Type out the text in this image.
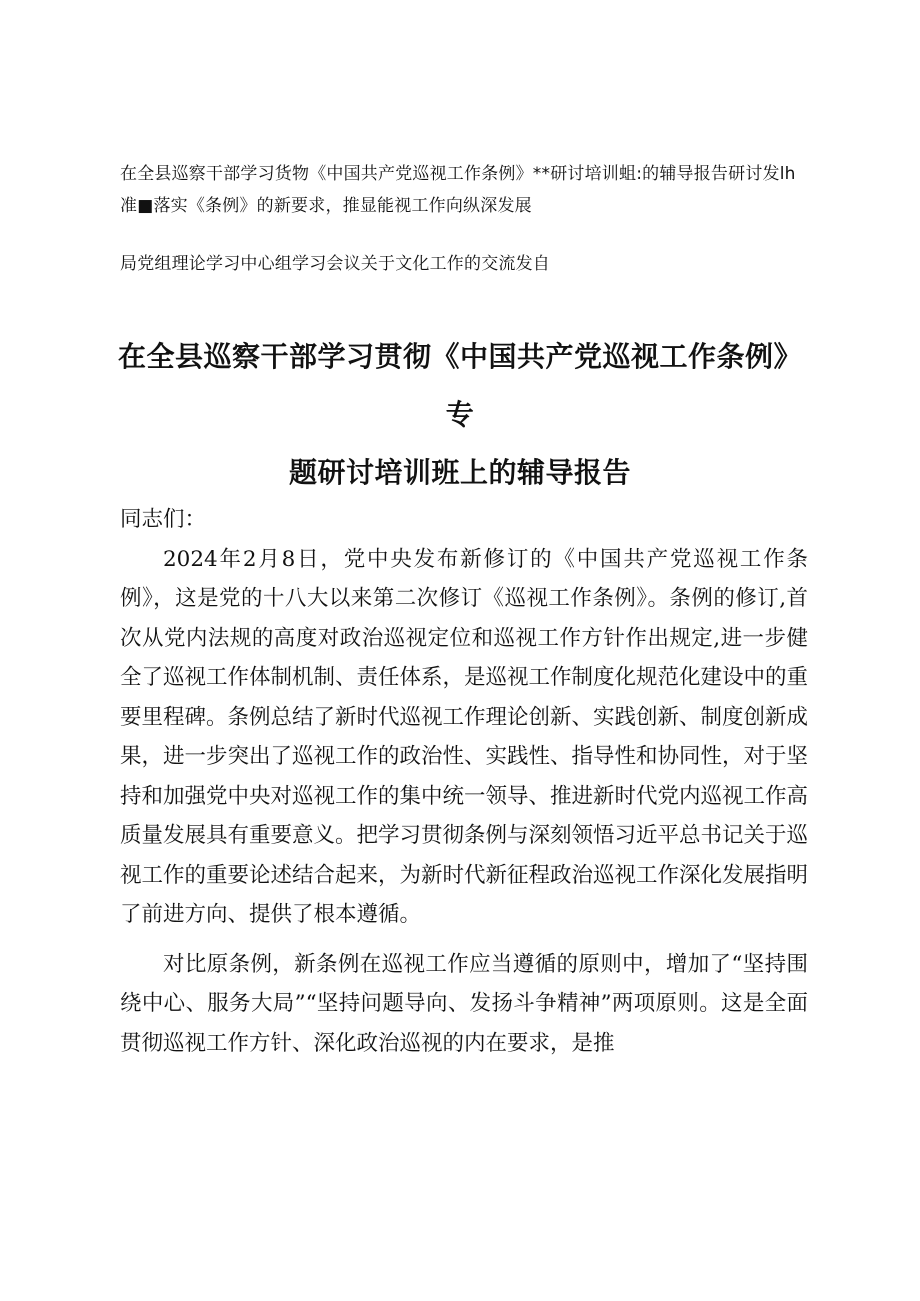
在全县巡察干部学习货物《中国共产党巡视工作条例》**研讨培训蛆:的辅导报告研讨发lh准■落实《条例》的新要求，推显能视工作向纵深发展

局党组理论学习中心组学习会议关于文化工作的交流发自

在全县巡察干部学习贯彻《中国共产党巡视工作条例》专
题研讨培训班上的辅导报告

同志们：

2024年2月8日，党中央发布新修订的《中国共产党巡视工作条例》，这是党的十八大以来第二次修订《巡视工作条例》。条例的修订,首次从党内法规的高度对政治巡视定位和巡视工作方针作出规定,进一步健全了巡视工作体制机制、责任体系，是巡视工作制度化规范化建设中的重要里程碑。条例总结了新时代巡视工作理论创新、实践创新、制度创新成果，进一步突出了巡视工作的政治性、实践性、指导性和协同性，对于坚持和加强党中央对巡视工作的集中统一领导、推进新时代党内巡视工作高质量发展具有重要意义。把学习贯彻条例与深刻领悟习近平总书记关于巡视工作的重要论述结合起来，为新时代新征程政治巡视工作深化发展指明了前进方向、提供了根本遵循。

对比原条例，新条例在巡视工作应当遵循的原则中，增加了“坚持围绕中心、服务大局”“坚持问题导向、发扬斗争精神”两项原则。这是全面贯彻巡视工作方针、深化政治巡视的内在要求，是推
